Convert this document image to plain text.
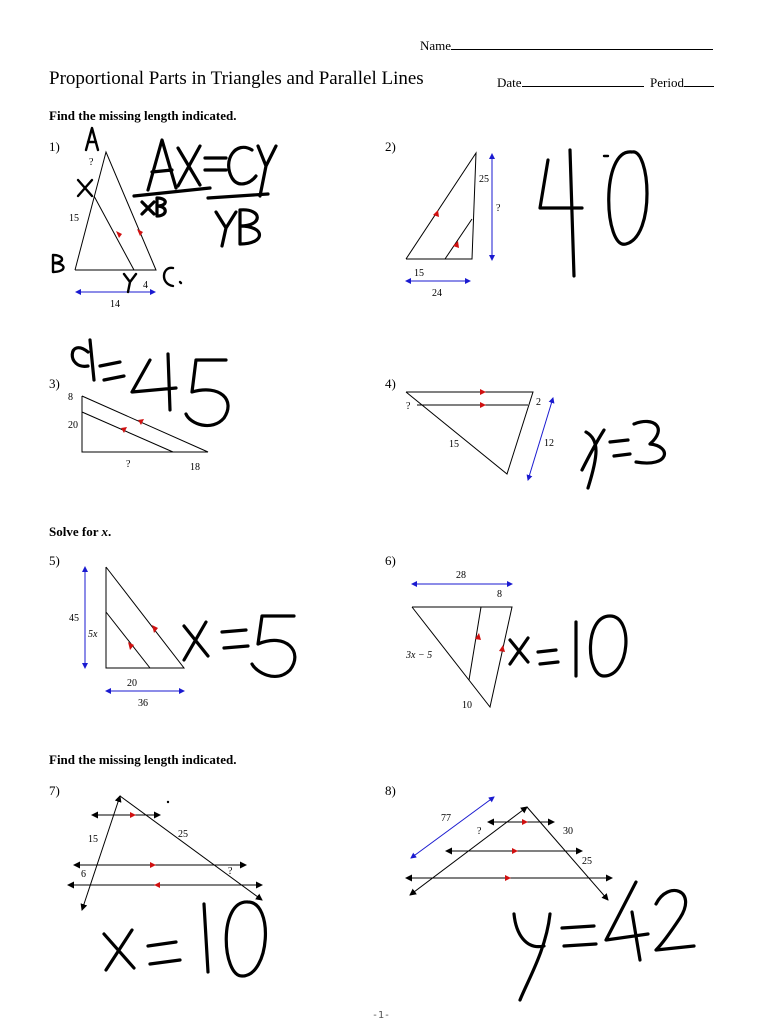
Name
Proportional Parts in Triangles and Parallel Lines	Date	Period
Find the missing length indicated.
Solve for x.
Find the missing length indicated.
1)	2)
3)	4)
5)	6)
7)	8)
?
15
4
14
25
?
15
24
8
20
?	18
?	2
15	12
45
5x
20
36
28
8
3x − 5
10
15	25
6	?
77
?	30
25
-1-
